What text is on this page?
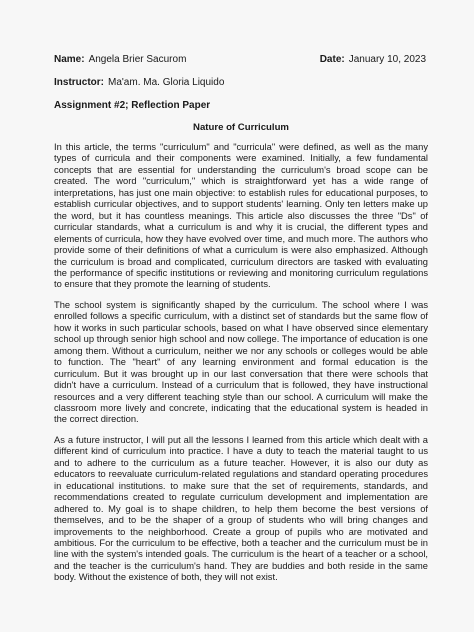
Name: Angela Brier Sacurom	Date: January 10, 2023
Instructor: Ma'am. Ma. Gloria Liquido
Assignment #2; Reflection Paper
Nature of Curriculum

In this article, the terms "curriculum" and "curricula" were defined, as well as the many types of curricula and their components were examined. Initially, a few fundamental concepts that are essential for understanding the curriculum's broad scope can be created. The word "curriculum," which is straightforward yet has a wide range of interpretations, has just one main objective: to establish rules for educational purposes, to establish curricular objectives, and to support students' learning. Only ten letters make up the word, but it has countless meanings. This article also discusses the three "Ds" of curricular standards, what a curriculum is and why it is crucial, the different types and elements of curricula, how they have evolved over time, and much more. The authors who provide some of their definitions of what a curriculum is were also emphasized. Although the curriculum is broad and complicated, curriculum directors are tasked with evaluating the performance of specific institutions or reviewing and monitoring curriculum regulations to ensure that they promote the learning of students.

The school system is significantly shaped by the curriculum. The school where I was enrolled follows a specific curriculum, with a distinct set of standards but the same flow of how it works in such particular schools, based on what I have observed since elementary school up through senior high school and now college. The importance of education is one among them. Without a curriculum, neither we nor any schools or colleges would be able to function. The "heart" of any learning environment and formal education is the curriculum. But it was brought up in our last conversation that there were schools that didn't have a curriculum. Instead of a curriculum that is followed, they have instructional resources and a very different teaching style than our school. A curriculum will make the classroom more lively and concrete, indicating that the educational system is headed in the correct direction.

As a future instructor, I will put all the lessons I learned from this article which dealt with a different kind of curriculum into practice. I have a duty to teach the material taught to us and to adhere to the curriculum as a future teacher. However, it is also our duty as educators to reevaluate curriculum-related regulations and standard operating procedures in educational institutions. to make sure that the set of requirements, standards, and recommendations created to regulate curriculum development and implementation are adhered to. My goal is to shape children, to help them become the best versions of themselves, and to be the shaper of a group of students who will bring changes and improvements to the neighborhood. Create a group of pupils who are motivated and ambitious. For the curriculum to be effective, both a teacher and the curriculum must be in line with the system's intended goals. The curriculum is the heart of a teacher or a school, and the teacher is the curriculum's hand. They are buddies and both reside in the same body. Without the existence of both, they will not exist.
